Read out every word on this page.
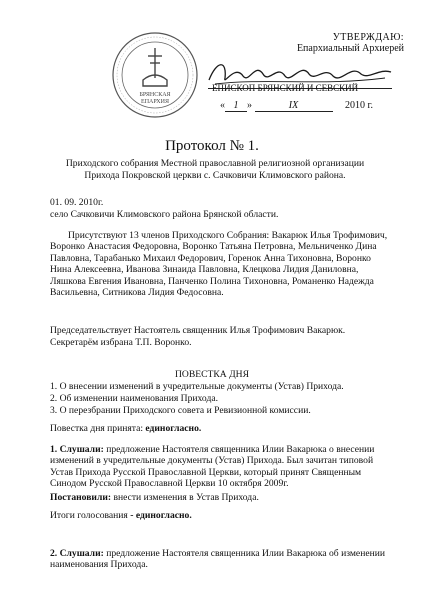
УТВЕРЖДАЮ:
Епархиальный Архиерей
БРЯНСКАЯ
ЕПАРХИЯ
ЕПИСКОП БРЯНСКИЙ И СЕВСКИЙ
« 1 »	IX	2010 г.
Протокол № 1.
Приходского собрания Местной православной религиозной организации
Прихода Покровской церкви с. Сачковичи Климовского района.
01. 09. 2010г.
село Сачковичи Климовского района Брянской области.
Присутствуют 13 членов Приходского Собрания: Вакарюк Илья Трофимович, Воронко Анастасия Федоровна, Воронко Татьяна Петровна, Мельниченко Дина Павловна, Тарабанько Михаил Федорович, Горенок Анна Тихоновна, Воронко Нина Алексеевна, Иванова Зинаида Павловна, Клецкова Лидия Даниловна, Ляшкова Евгения Ивановна, Панченко Полина Тихоновна, Романенко Надежда Васильевна, Ситникова Лидия Федосовна.
Председательствует Настоятель священник Илья Трофимович Вакарюк.
Секретарём избрана Т.П. Воронко.
ПОВЕСТКА ДНЯ
1. О внесении изменений в учредительные документы (Устав) Прихода.
2. Об изменении наименования Прихода.
3. О перезбрании Приходского совета и Ревизионной комиссии.
Повестка дня принята: единогласно.
1. Слушали: предложение Настоятеля священника Илии Вакарюка о внесении изменений в учредительные документы (Устав) Прихода. Был зачитан типовой Устав Прихода Русской Православной Церкви, который принят Священным Синодом Русской Православной Церкви 10 октября 2009г.
Постановили: внести изменения в Устав Прихода.
Итоги голосования - единогласно.
2. Слушали: предложение Настоятеля священника Илии Вакарюка об изменении наименования Прихода.
